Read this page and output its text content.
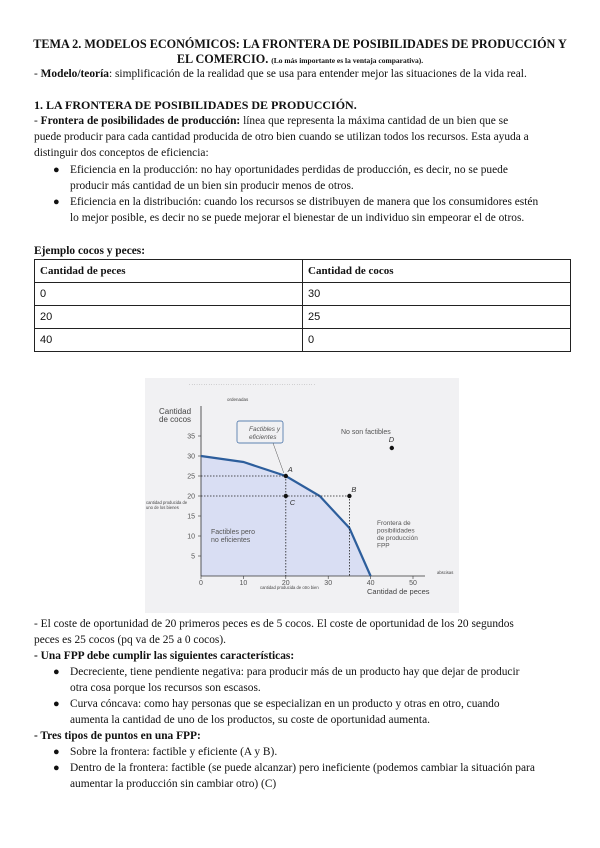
TEMA 2. MODELOS ECONÓMICOS: LA FRONTERA DE POSIBILIDADES DE PRODUCCIÓN Y
EL COMERCIO. (Lo más importante es la ventaja comparativa).
- Modelo/teoría: simplificación de la realidad que se usa para entender mejor las situaciones de la vida real.
1. LA FRONTERA DE POSIBILIDADES DE PRODUCCIÓN.
- Frontera de posibilidades de producción: línea que representa la máxima cantidad de un bien que se
puede producir para cada cantidad producida de otro bien cuando se utilizan todos los recursos. Esta ayuda a
distinguir dos conceptos de eficiencia:
● Eficiencia en la producción: no hay oportunidades perdidas de producción, es decir, no se puede
producir más cantidad de un bien sin producir menos de otros.
● Eficiencia en la distribución: cuando los recursos se distribuyen de manera que los consumidores estén
lo mejor posible, es decir no se puede mejorar el bienestar de un individuo sin empeorar el de otros.
Ejemplo cocos y peces:
Cantidad de peces	Cantidad de cocos
0	30
20	25
40	0
· · · · · · · · · · · · · · · · · · · · · · · · · · · · · · · · · · · · · · · · · · · · · · · · · · · ·
ordenadas
Cantidad
de cocos
5
10
15
20
25
30
35
0	10	20	30	40	50
A
B
C
D
Factibles y
eficientes
No son factibles
Factibles pero
no eficientes
Frontera de
posibilidades
de producción
FPP
Cantidad de peces
cantidad producida de
uno de los bienes
cantidad producida de otro bien
abscisas
- El coste de oportunidad de 20 primeros peces es de 5 cocos. El coste de oportunidad de los 20 segundos
peces es 25 cocos (pq va de 25 a 0 cocos).
- Una FPP debe cumplir las siguientes características:
● Decreciente, tiene pendiente negativa: para producir más de un producto hay que dejar de producir
otra cosa porque los recursos son escasos.
● Curva cóncava: como hay personas que se especializan en un producto y otras en otro, cuando
aumenta la cantidad de uno de los productos, su coste de oportunidad aumenta.
- Tres tipos de puntos en una FPP:
● Sobre la frontera: factible y eficiente (A y B).
● Dentro de la frontera: factible (se puede alcanzar) pero ineficiente (podemos cambiar la situación para
aumentar la producción sin cambiar otro) (C)
